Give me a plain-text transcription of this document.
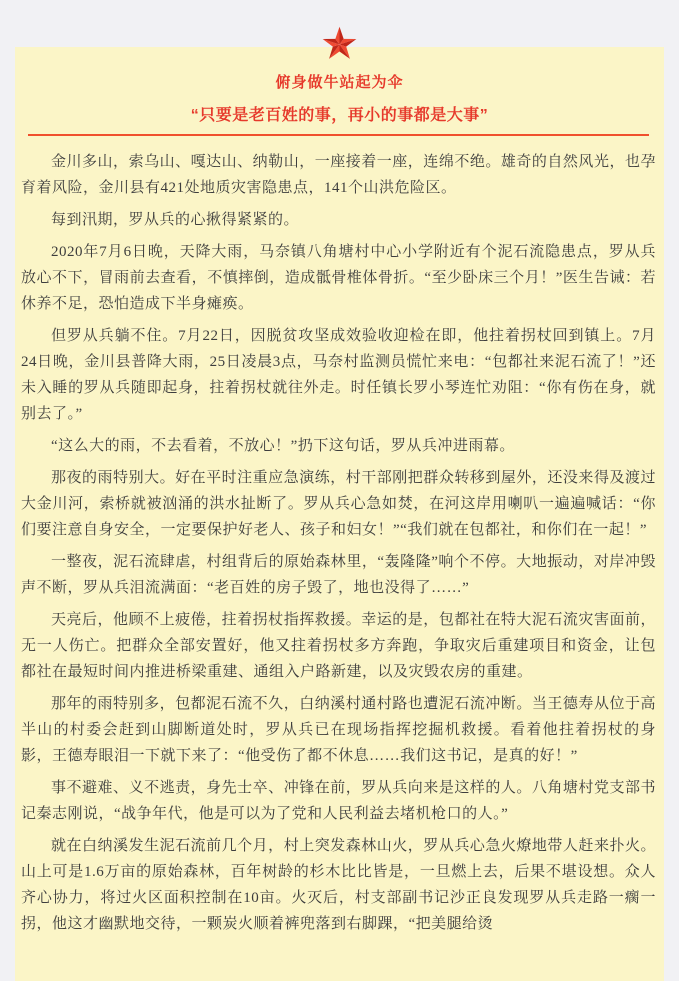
俯身做牛站起为伞
“只要是老百姓的事，再小的事都是大事”

金川多山，索乌山、嘎达山、纳勒山，一座接着一座，连绵不绝。雄奇的自然风光，也孕育着风险，金川县有421处地质灾害隐患点，141个山洪危险区。

每到汛期，罗从兵的心揪得紧紧的。

2020年7月6日晚，天降大雨，马奈镇八角塘村中心小学附近有个泥石流隐患点，罗从兵放心不下，冒雨前去查看，不慎摔倒，造成骶骨椎体骨折。“至少卧床三个月！”医生告诫：若休养不足，恐怕造成下半身瘫痪。

但罗从兵躺不住。7月22日，因脱贫攻坚成效验收迎检在即，他拄着拐杖回到镇上。7月24日晚，金川县普降大雨，25日凌晨3点，马奈村监测员慌忙来电：“包都社来泥石流了！”还未入睡的罗从兵随即起身，拄着拐杖就往外走。时任镇长罗小琴连忙劝阻：“你有伤在身，就别去了。”

“这么大的雨，不去看着，不放心！”扔下这句话，罗从兵冲进雨幕。

那夜的雨特别大。好在平时注重应急演练，村干部刚把群众转移到屋外，还没来得及渡过大金川河，索桥就被汹涌的洪水扯断了。罗从兵心急如焚，在河这岸用喇叭一遍遍喊话：“你们要注意自身安全，一定要保护好老人、孩子和妇女！”“我们就在包都社，和你们在一起！”

一整夜，泥石流肆虐，村组背后的原始森林里，“轰隆隆”响个不停。大地振动，对岸冲毁声不断，罗从兵泪流满面：“老百姓的房子毁了，地也没得了……”

天亮后，他顾不上疲倦，拄着拐杖指挥救援。幸运的是，包都社在特大泥石流灾害面前，无一人伤亡。把群众全部安置好，他又拄着拐杖多方奔跑，争取灾后重建项目和资金，让包都社在最短时间内推进桥梁重建、通组入户路新建，以及灾毁农房的重建。

那年的雨特别多，包都泥石流不久，白纳溪村通村路也遭泥石流冲断。当王德寿从位于高半山的村委会赶到山脚断道处时，罗从兵已在现场指挥挖掘机救援。看着他拄着拐杖的身影，王德寿眼泪一下就下来了：“他受伤了都不休息……我们这书记，是真的好！”

事不避难、义不逃责，身先士卒、冲锋在前，罗从兵向来是这样的人。八角塘村党支部书记秦志刚说，“战争年代，他是可以为了党和人民利益去堵机枪口的人。”

就在白纳溪发生泥石流前几个月，村上突发森林山火，罗从兵心急火燎地带人赶来扑火。山上可是1.6万亩的原始森林，百年树龄的杉木比比皆是，一旦燃上去，后果不堪设想。众人齐心协力，将过火区面积控制在10亩。火灭后，村支部副书记沙正良发现罗从兵走路一瘸一拐，他这才幽默地交待，一颗炭火顺着裤兜落到右脚踝，“把美腿给烫
